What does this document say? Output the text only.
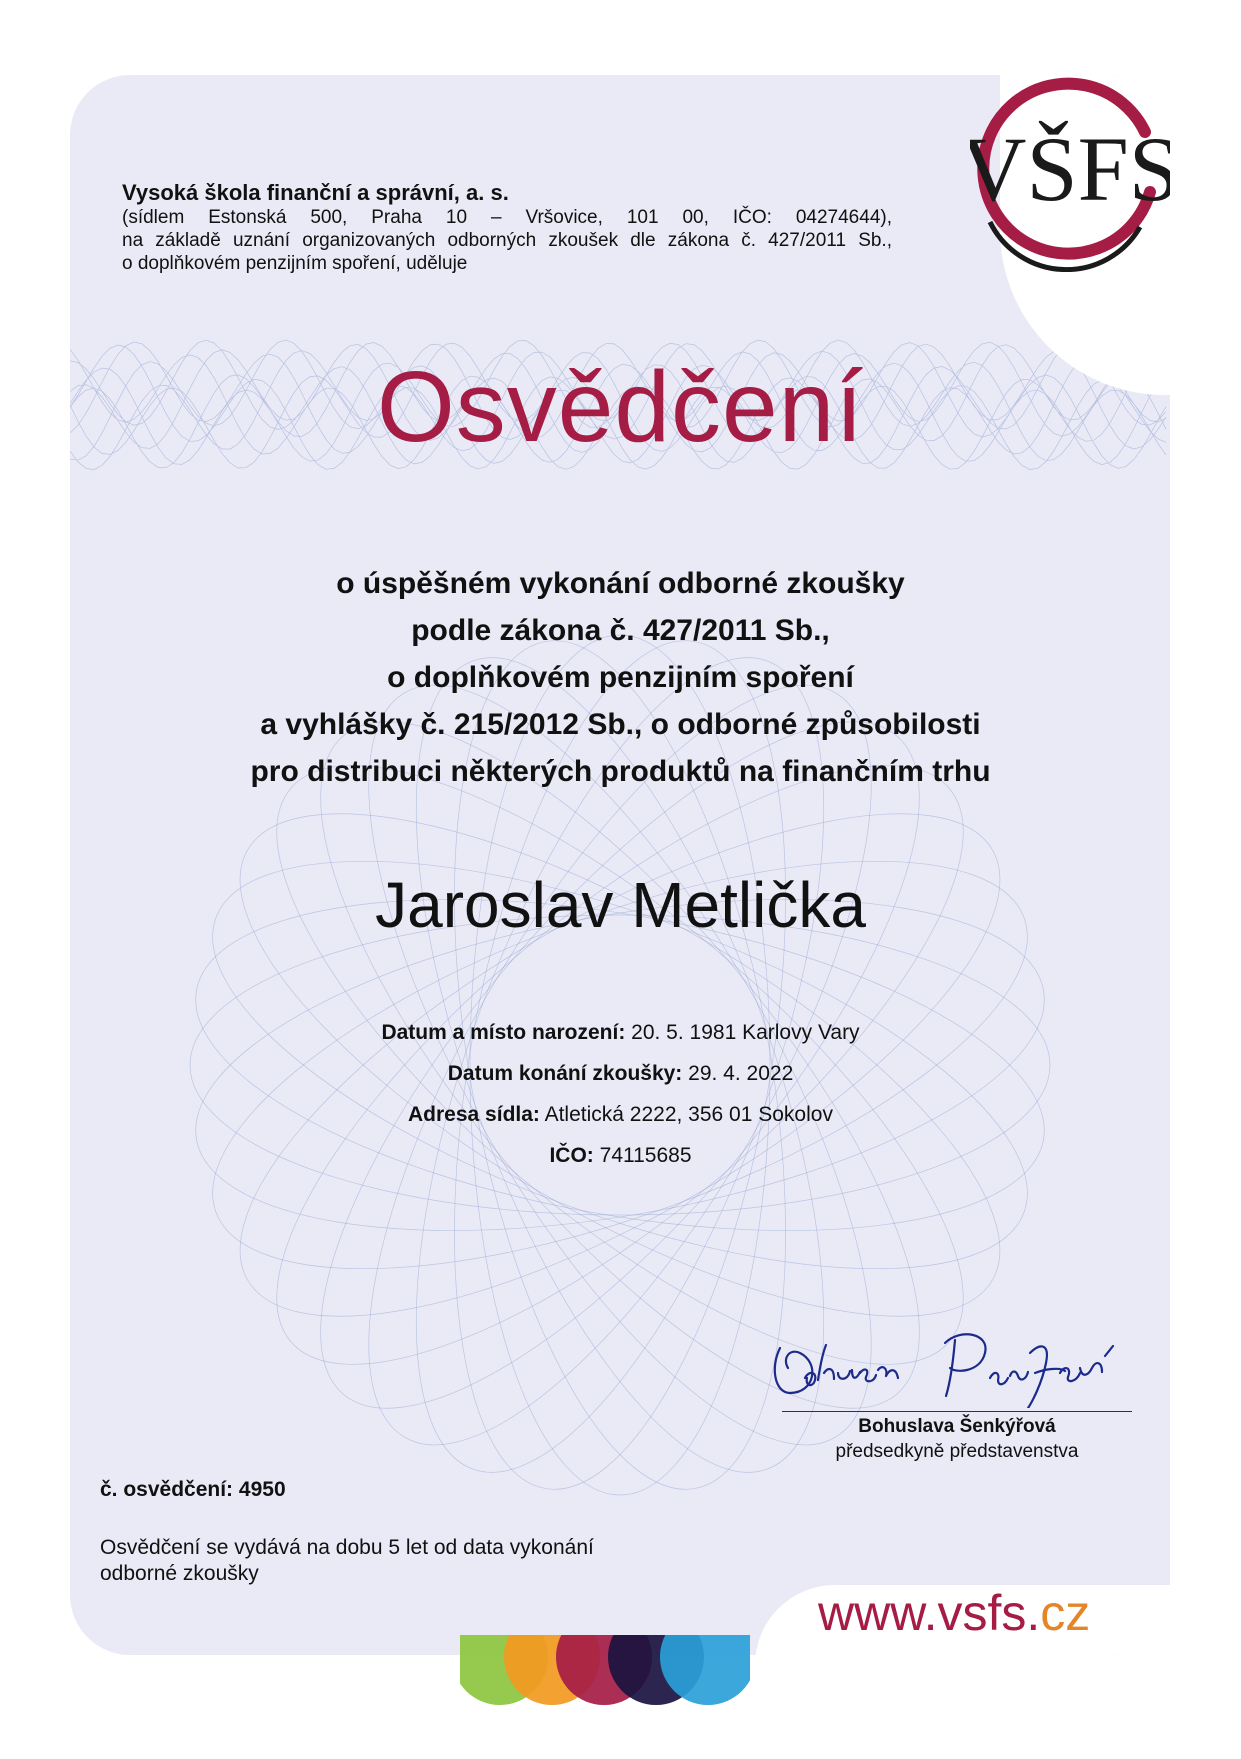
VŠFS
Vysoká škola finanční a správní, a. s.
(sídlem Estonská 500, Praha 10 – Vršovice, 101 00, IČO: 04274644),
na základě uznání organizovaných odborných zkoušek dle zákona č. 427/2011 Sb.,
o doplňkovém penzijním spoření, uděluje
Osvědčení
o úspěšném vykonání odborné zkoušky
podle zákona č. 427/2011 Sb.,
o doplňkovém penzijním spoření
a vyhlášky č. 215/2012 Sb., o odborné způsobilosti
pro distribuci některých produktů na finančním trhu
Jaroslav Metlička
Datum a místo narození: 20. 5. 1981 Karlovy Vary
Datum konání zkoušky: 29. 4. 2022
Adresa sídla: Atletická 2222, 356 01 Sokolov
IČO: 74115685
Bohuslava Šenkýřová
předsedkyně představenstva
č. osvědčení: 4950
Osvědčení se vydává na dobu 5 let od data vykonání
odborné zkoušky
www.vsfs.cz
